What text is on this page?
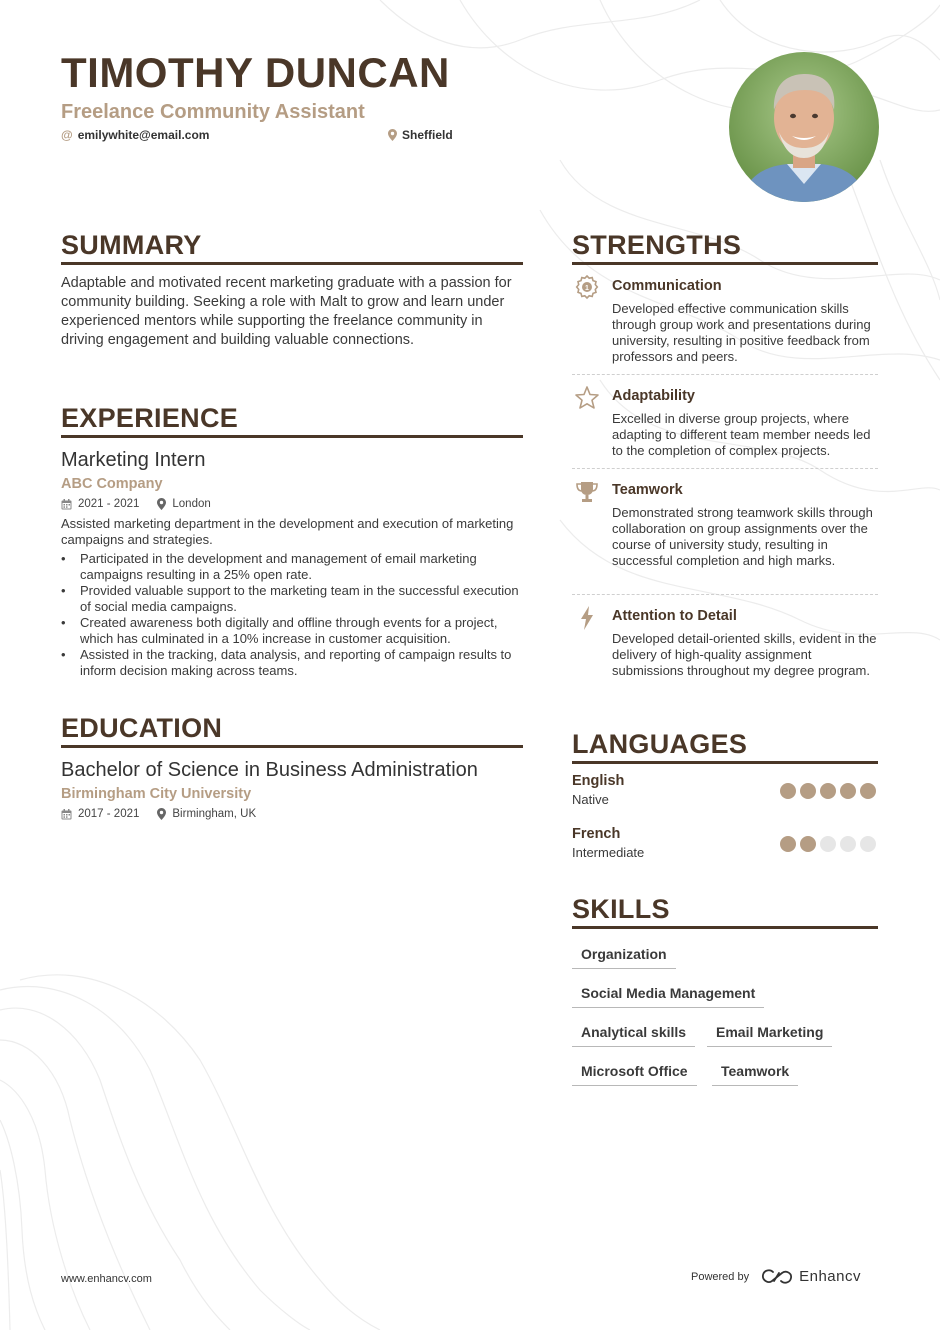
TIMOTHY DUNCAN
Freelance Community Assistant
@ emilywhite@email.com	Sheffield
SUMMARY
Adaptable and motivated recent marketing graduate with a passion for community building. Seeking a role with Malt to grow and learn under experienced mentors while supporting the freelance community in driving engagement and building valuable connections.
EXPERIENCE
Marketing Intern
ABC Company
2021 - 2021	London
Assisted marketing department in the development and execution of marketing campaigns and strategies.
• Participated in the development and management of email marketing campaigns resulting in a 25% open rate.
• Provided valuable support to the marketing team in the successful execution of social media campaigns.
• Created awareness both digitally and offline through events for a project, which has culminated in a 10% increase in customer acquisition.
• Assisted in the tracking, data analysis, and reporting of campaign results to inform decision making across teams.
EDUCATION
Bachelor of Science in Business Administration
Birmingham City University
2017 - 2021	Birmingham, UK
STRENGTHS
1 Communication
Developed effective communication skills through group work and presentations during university, resulting in positive feedback from professors and peers.
Adaptability
Excelled in diverse group projects, where adapting to different team member needs led to the completion of complex projects.
Teamwork
Demonstrated strong teamwork skills through collaboration on group assignments over the course of university study, resulting in successful completion and high marks.
Attention to Detail
Developed detail-oriented skills, evident in the delivery of high-quality assignment submissions throughout my degree program.
LANGUAGES
English
Native
French
Intermediate
SKILLS
Organization
Social Media Management
Analytical skills	Email Marketing
Microsoft Office	Teamwork
www.enhancv.com	Powered by	Enhancv
